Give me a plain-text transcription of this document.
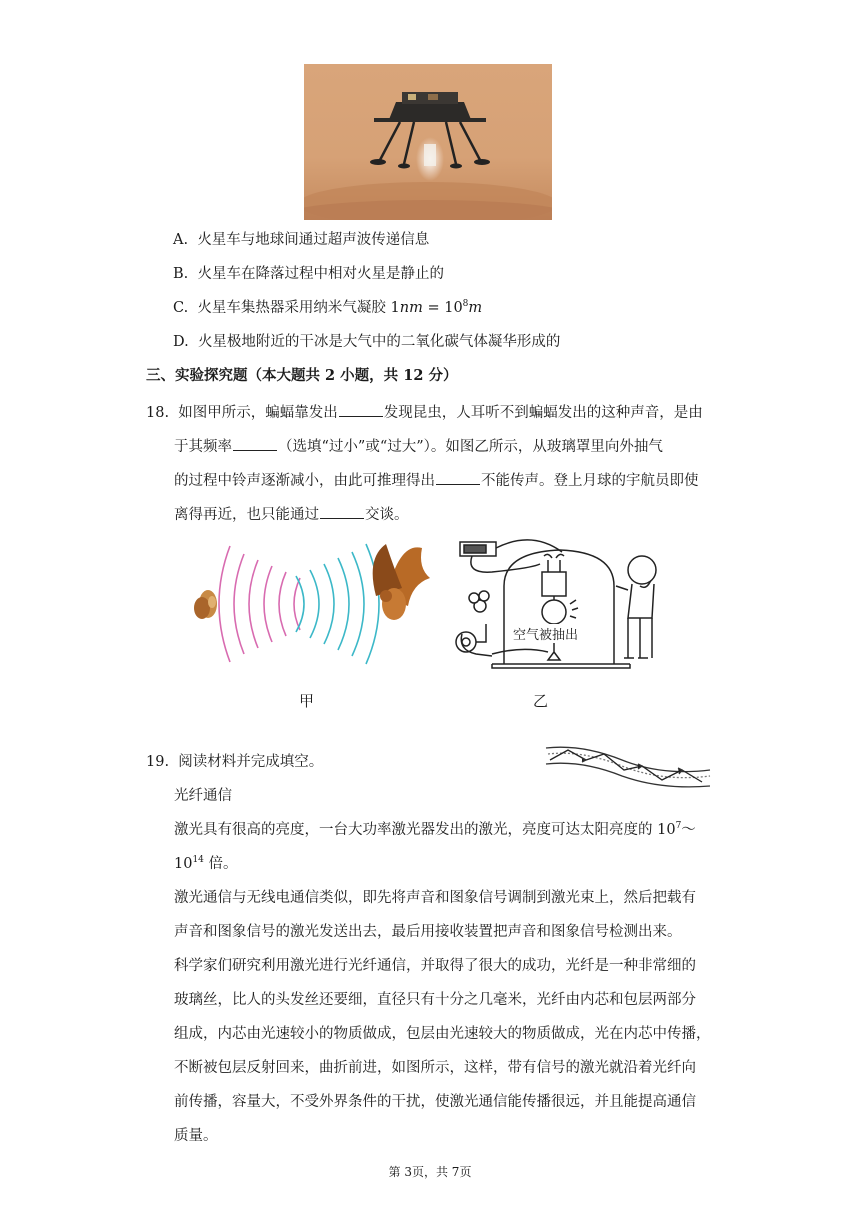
A. 火星车与地球间通过超声波传递信息
B. 火星车在降落过程中相对火星是静止的
C. 火星车集热器采用纳米气凝胶 $1nm = 10^8m$
D. 火星极地附近的干冰是大气中的二氧化碳气体凝华形成的
三、实验探究题（本大题共 2 小题，共 12 分）
18. 如图甲所示，蝙蝠靠发出	发现昆虫，人耳听不到蝙蝠发出的这种声音，是由
于其频率	（选填“过小”或“过大”）。如图乙所示，从玻璃罩里向外抽气
的过程中铃声逐渐减小，由此可推理得出	不能传声。登上月球的宇航员即使
离得再近，也只能通过	交谈。
空气被抽出
甲	乙
19. 阅读材料并完成填空。
光纤通信
激光具有很高的亮度，一台大功率激光器发出的激光，亮度可达太阳亮度的 $10^7\sim$
$10^{14}$ 倍。
激光通信与无线电通信类似，即先将声音和图象信号调制到激光束上，然后把载有
声音和图象信号的激光发送出去，最后用接收装置把声音和图象信号检测出来。
科学家们研究利用激光进行光纤通信，并取得了很大的成功，光纤是一种非常细的
玻璃丝，比人的头发丝还要细，直径只有十分之几毫米，光纤由内芯和包层两部分
组成，内芯由光速较小的物质做成，包层由光速较大的物质做成，光在内芯中传播，
不断被包层反射回来，曲折前进，如图所示，这样，带有信号的激光就沿着光纤向
前传播，容量大，不受外界条件的干扰，使激光通信能传播很远，并且能提高通信
质量。
第 3页，共 7页
